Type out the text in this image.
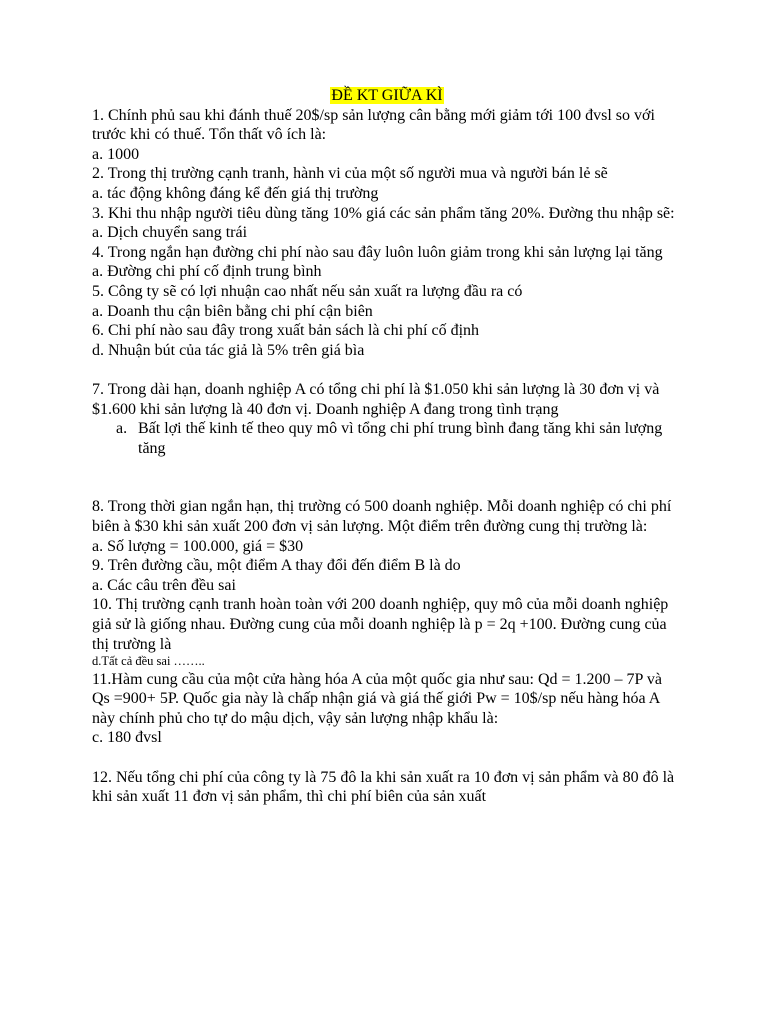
ĐỀ KT GIỮA KÌ

1. Chính phủ sau khi đánh thuế 20$/sp sản lượng cân bằng mới giảm tới 100 đvsl so với trước khi có thuế. Tổn thất vô ích là:

a. 1000

2. Trong thị trường cạnh tranh, hành vi của một số người mua và người bán lẻ sẽ

a. tác động không đáng kể đến giá thị trường

3. Khi thu nhập người tiêu dùng tăng 10% giá các sản phẩm tăng 20%. Đường thu nhập sẽ:

a. Dịch chuyển sang trái

4. Trong ngắn hạn đường chi phí nào sau đây luôn luôn giảm trong khi sản lượng lại tăng

a. Đường chi phí cố định trung bình

5. Công ty sẽ có lợi nhuận cao nhất nếu sản xuất ra lượng đầu ra có

a. Doanh thu cận biên bằng chi phí cận biên

6. Chi phí nào sau đây trong xuất bản sách là chi phí cố định

d. Nhuận bút của tác giả là 5% trên giá bìa

7. Trong dài hạn, doanh nghiệp A có tổng chi phí là $1.050 khi sản lượng là 30 đơn vị và $1.600 khi sản lượng là 40 đơn vị. Doanh nghiệp A đang trong tình trạng

a. Bất lợi thế kinh tế theo quy mô vì tổng chi phí trung bình đang tăng khi sản lượng tăng

8. Trong thời gian ngắn hạn, thị trường có 500 doanh nghiệp. Mỗi doanh nghiệp có chi phí biên à $30 khi sản xuất 200 đơn vị sản lượng. Một điểm trên đường cung thị trường là:

a. Số lượng = 100.000, giá = $30

9. Trên đường cầu, một điểm A thay đổi đến điểm B là do

a. Các câu trên đều sai

10. Thị trường cạnh tranh hoàn toàn với 200 doanh nghiệp, quy mô của mỗi doanh nghiệp giả sử là giống nhau. Đường cung của mỗi doanh nghiệp là p = 2q +100. Đường cung của thị trường là

d.Tất cả đều sai ……..

11.Hàm cung cầu của một cửa hàng hóa A của một quốc gia như sau: Qd = 1.200 – 7P và Qs =900+ 5P. Quốc gia này là chấp nhận giá và giá thế giới Pw = 10$/sp nếu hàng hóa A này chính phủ cho tự do mậu dịch, vậy sản lượng nhập khẩu là:

c. 180 đvsl

12. Nếu tổng chi phí của công ty là 75 đô la khi sản xuất ra 10 đơn vị sản phẩm và 80 đô là khi sản xuất 11 đơn vị sản phẩm, thì chi phí biên của sản xuất
